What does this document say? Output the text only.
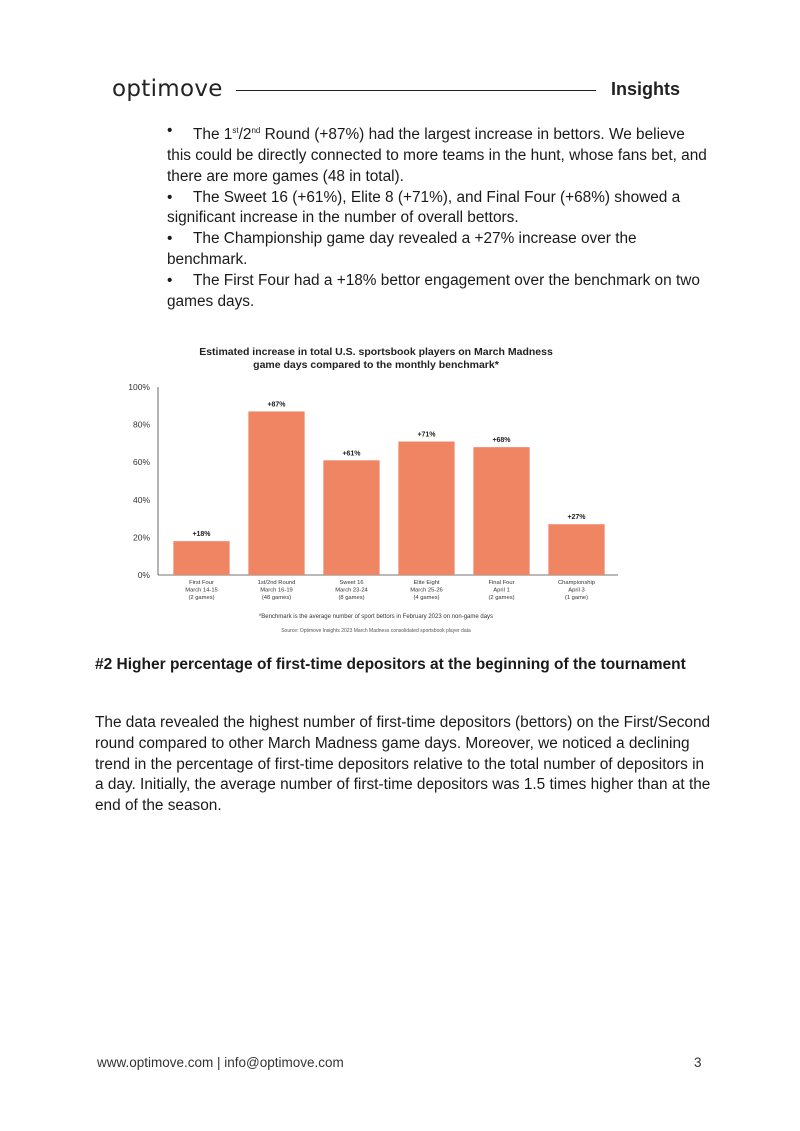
optimove	Insights
•	The 1st/2nd Round (+87%) had the largest increase in bettors. We believe this could be directly connected to more teams in the hunt, whose fans bet, and there are more games (48 in total).
•	The Sweet 16 (+61%), Elite 8 (+71%), and Final Four (+68%) showed a significant increase in the number of overall bettors.
•	The Championship game day revealed a +27% increase over the benchmark.
•	The First Four had a +18% bettor engagement over the benchmark on two games days.
Estimated increase in total U.S. sportsbook players on March Madness
game days compared to the monthly benchmark*
0%
20%
40%
60%
80%
100%
+18%
First Four
March 14-15
(2 games)
+87%
1st/2nd Round
March 16-19
(48 games)
+61%
Sweet 16
March 23-24
(8 games)
+71%
Elite Eight
March 25-26
(4 games)
+68%
Final Four
April 1
(2 games)
+27%
Championship
April 3
(1 game)
*Benchmark is the average number of sport bettors in February 2023 on non-game days
Source: Optimove Insights 2023 March Madness consolidated sportsbook player data
#2 Higher percentage of first-time depositors at the beginning of the tournament
The data revealed the highest number of first-time depositors (bettors) on the First/Second round compared to other March Madness game days. Moreover, we noticed a declining trend in the percentage of first-time depositors relative to the total number of depositors in a day. Initially, the average number of first-time depositors was 1.5 times higher than at the end of the season.
www.optimove.com | info@optimove.com	3
